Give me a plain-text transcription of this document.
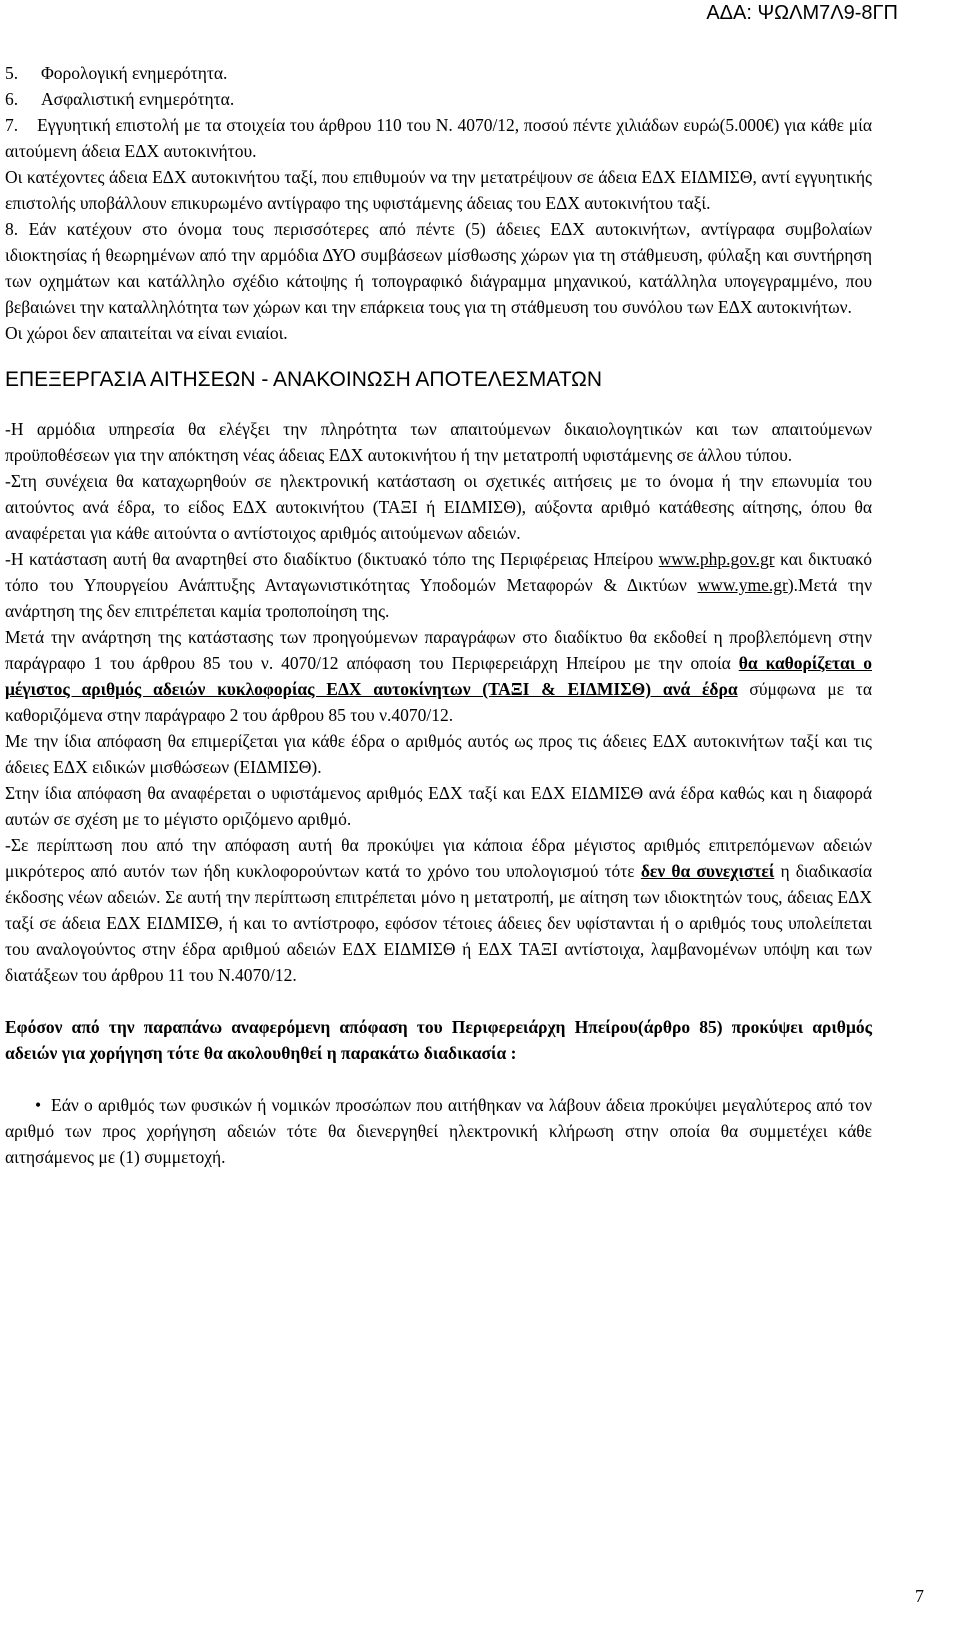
ΑΔΑ: ΨΩΛΜ7Λ9-8ΓΠ
5.	Φορολογική ενημερότητα.
6.	Ασφαλιστική ενημερότητα.

7. Εγγυητική επιστολή με τα στοιχεία του άρθρου 110 του Ν. 4070/12, ποσού πέντε χιλιάδων ευρώ(5.000€) για κάθε μία αιτούμενη άδεια ΕΔΧ αυτοκινήτου.

Οι κατέχοντες άδεια ΕΔΧ αυτοκινήτου ταξί, που επιθυμούν να την μετατρέψουν σε άδεια ΕΔΧ ΕΙΔΜΙΣΘ, αντί εγγυητικής επιστολής υποβάλλουν επικυρωμένο αντίγραφο της υφιστάμενης άδειας του ΕΔΧ αυτοκινήτου ταξί.

8. Εάν κατέχουν στο όνομα τους περισσότερες από πέντε (5) άδειες ΕΔΧ αυτοκινήτων, αντίγραφα συμβολαίων ιδιοκτησίας ή θεωρημένων από την αρμόδια ΔΥΟ συμβάσεων μίσθωσης χώρων για τη στάθμευση, φύλαξη και συντήρηση των οχημάτων και κατάλληλο σχέδιο κάτοψης ή τοπογραφικό διάγραμμα μηχανικού, κατάλληλα υπογεγραμμένο, που βεβαιώνει την καταλληλότητα των χώρων και την επάρκεια τους για τη στάθμευση του συνόλου των ΕΔΧ αυτοκινήτων.

Οι χώροι δεν απαιτείται να είναι ενιαίοι.

ΕΠΕΞΕΡΓΑΣΙΑ ΑΙΤΗΣΕΩΝ - ΑΝΑΚΟΙΝΩΣΗ ΑΠΟΤΕΛΕΣΜΑΤΩΝ

-Η αρμόδια υπηρεσία θα ελέγξει την πληρότητα των απαιτούμενων δικαιολογητικών και των απαιτούμενων προϋποθέσεων για την απόκτηση νέας άδειας ΕΔΧ αυτοκινήτου ή την μετατροπή υφιστάμενης σε άλλου τύπου.

-Στη συνέχεια θα καταχωρηθούν σε ηλεκτρονική κατάσταση οι σχετικές αιτήσεις με το όνομα ή την επωνυμία του αιτούντος ανά έδρα, το είδος ΕΔΧ αυτοκινήτου (ΤΑΞΙ ή ΕΙΔΜΙΣΘ), αύξοντα αριθμό κατάθεσης αίτησης, όπου θα αναφέρεται για κάθε αιτούντα ο αντίστοιχος αριθμός αιτούμενων αδειών.

-Η κατάσταση αυτή θα αναρτηθεί στο διαδίκτυο (δικτυακό τόπο της Περιφέρειας Ηπείρου www.php.gov.gr και δικτυακό τόπο του Υπουργείου Ανάπτυξης Ανταγωνιστικότητας Υποδομών Μεταφορών & Δικτύων www.yme.gr).Μετά την ανάρτηση της δεν επιτρέπεται καμία τροποποίηση της.

Μετά την ανάρτηση της κατάστασης των προηγούμενων παραγράφων στο διαδίκτυο θα εκδοθεί η προβλεπόμενη στην παράγραφο 1 του άρθρου 85 του ν. 4070/12 απόφαση του Περιφερειάρχη Ηπείρου με την οποία θα καθορίζεται ο μέγιστος αριθμός αδειών κυκλοφορίας ΕΔΧ αυτοκίνητων (ΤΑΞΙ & ΕΙΔΜΙΣΘ) ανά έδρα σύμφωνα με τα καθοριζόμενα στην παράγραφο 2 του άρθρου 85 του ν.4070/12.

Με την ίδια απόφαση θα επιμερίζεται για κάθε έδρα ο αριθμός αυτός ως προς τις άδειες ΕΔΧ αυτοκινήτων ταξί και τις άδειες ΕΔΧ ειδικών μισθώσεων (ΕΙΔΜΙΣΘ).

Στην ίδια απόφαση θα αναφέρεται ο υφιστάμενος αριθμός ΕΔΧ ταξί και ΕΔΧ ΕΙΔΜΙΣΘ ανά έδρα καθώς και η διαφορά αυτών σε σχέση με το μέγιστο οριζόμενο αριθμό.

-Σε περίπτωση που από την απόφαση αυτή θα προκύψει για κάποια έδρα μέγιστος αριθμός επιτρεπόμενων αδειών μικρότερος από αυτόν των ήδη κυκλοφορούντων κατά το χρόνο του υπολογισμού τότε δεν θα συνεχιστεί η διαδικασία έκδοσης νέων αδειών. Σε αυτή την περίπτωση επιτρέπεται μόνο η μετατροπή, με αίτηση των ιδιοκτητών τους, άδειας ΕΔΧ ταξί σε άδεια ΕΔΧ ΕΙΔΜΙΣΘ, ή και το αντίστροφο, εφόσον τέτοιες άδειες δεν υφίστανται ή ο αριθμός τους υπολείπεται του αναλογούντος στην έδρα αριθμού αδειών ΕΔΧ ΕΙΔΜΙΣΘ ή ΕΔΧ ΤΑΞΙ αντίστοιχα, λαμβανομένων υπόψη και των διατάξεων του άρθρου 11 του Ν.4070/12.

Εφόσον από την παραπάνω αναφερόμενη απόφαση του Περιφερειάρχη Ηπείρου(άρθρο 85) προκύψει αριθμός αδειών για χορήγηση τότε θα ακολουθηθεί η παρακάτω διαδικασία :

• Εάν ο αριθμός των φυσικών ή νομικών προσώπων που αιτήθηκαν να λάβουν άδεια προκύψει μεγαλύτερος από τον αριθμό των προς χορήγηση αδειών τότε θα διενεργηθεί ηλεκτρονική κλήρωση στην οποία θα συμμετέχει κάθε αιτησάμενος με (1) συμμετοχή.

7
